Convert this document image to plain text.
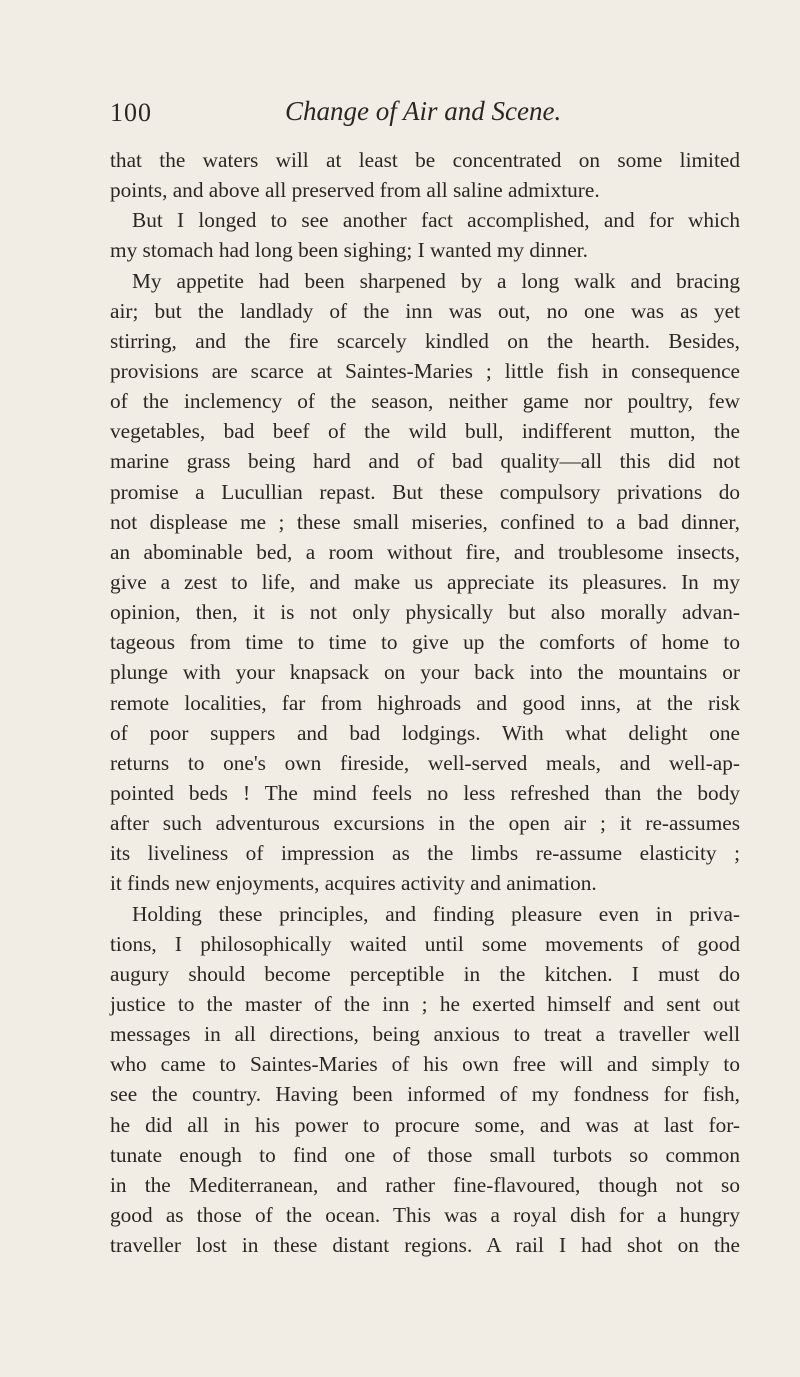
100	Change of Air and Scene.
that the waters will at least be concentrated on some limited
points, and above all preserved from all saline admixture.
But I longed to see another fact accomplished, and for which
my stomach had long been sighing; I wanted my dinner.
My appetite had been sharpened by a long walk and bracing
air; but the landlady of the inn was out, no one was as yet
stirring, and the fire scarcely kindled on the hearth. Besides,
provisions are scarce at Saintes-Maries ; little fish in consequence
of the inclemency of the season, neither game nor poultry, few
vegetables, bad beef of the wild bull, indifferent mutton, the
marine grass being hard and of bad quality—all this did not
promise a Lucullian repast. But these compulsory privations do
not displease me ; these small miseries, confined to a bad dinner,
an abominable bed, a room without fire, and troublesome insects,
give a zest to life, and make us appreciate its pleasures. In my
opinion, then, it is not only physically but also morally advan-
tageous from time to time to give up the comforts of home to
plunge with your knapsack on your back into the mountains or
remote localities, far from highroads and good inns, at the risk
of poor suppers and bad lodgings. With what delight one
returns to one's own fireside, well-served meals, and well-ap-
pointed beds ! The mind feels no less refreshed than the body
after such adventurous excursions in the open air ; it re-assumes
its liveliness of impression as the limbs re-assume elasticity ;
it finds new enjoyments, acquires activity and animation.
Holding these principles, and finding pleasure even in priva-
tions, I philosophically waited until some movements of good
augury should become perceptible in the kitchen. I must do
justice to the master of the inn ; he exerted himself and sent out
messages in all directions, being anxious to treat a traveller well
who came to Saintes-Maries of his own free will and simply to
see the country. Having been informed of my fondness for fish,
he did all in his power to procure some, and was at last for-
tunate enough to find one of those small turbots so common
in the Mediterranean, and rather fine-flavoured, though not so
good as those of the ocean. This was a royal dish for a hungry
traveller lost in these distant regions. A rail I had shot on the
